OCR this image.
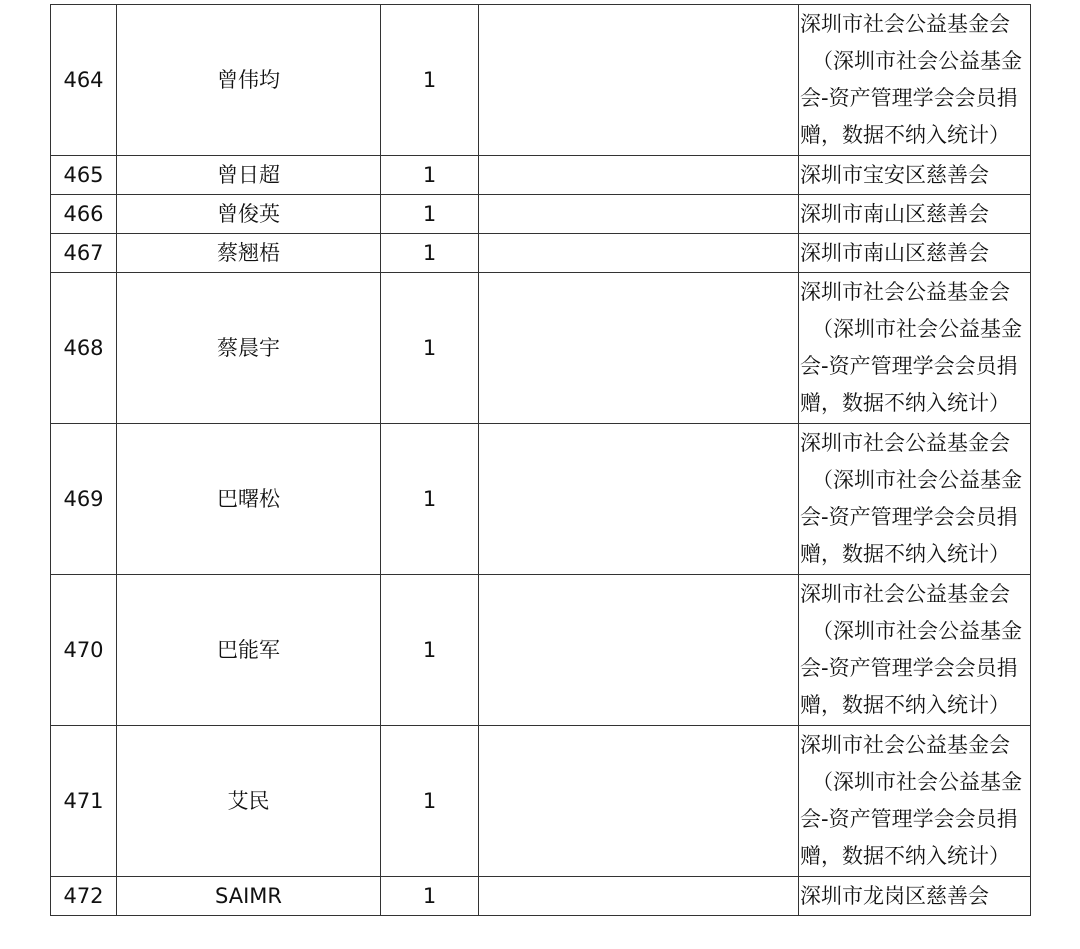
464	曾伟均	1		深圳市社会公益基金会
（深圳市社会公益基金
会-资产管理学会会员捐
赠，数据不纳入统计）

465	曾日超	1		深圳市宝安区慈善会

466	曾俊英	1		深圳市南山区慈善会

467	蔡翘梧	1		深圳市南山区慈善会

468	蔡晨宇	1		深圳市社会公益基金会
（深圳市社会公益基金
会-资产管理学会会员捐
赠，数据不纳入统计）

469	巴曙松	1		深圳市社会公益基金会
（深圳市社会公益基金
会-资产管理学会会员捐
赠，数据不纳入统计）

470	巴能军	1		深圳市社会公益基金会
（深圳市社会公益基金
会-资产管理学会会员捐
赠，数据不纳入统计）

471	艾民	1		深圳市社会公益基金会
（深圳市社会公益基金
会-资产管理学会会员捐
赠，数据不纳入统计）

472	SAIMR	1		深圳市龙岗区慈善会
